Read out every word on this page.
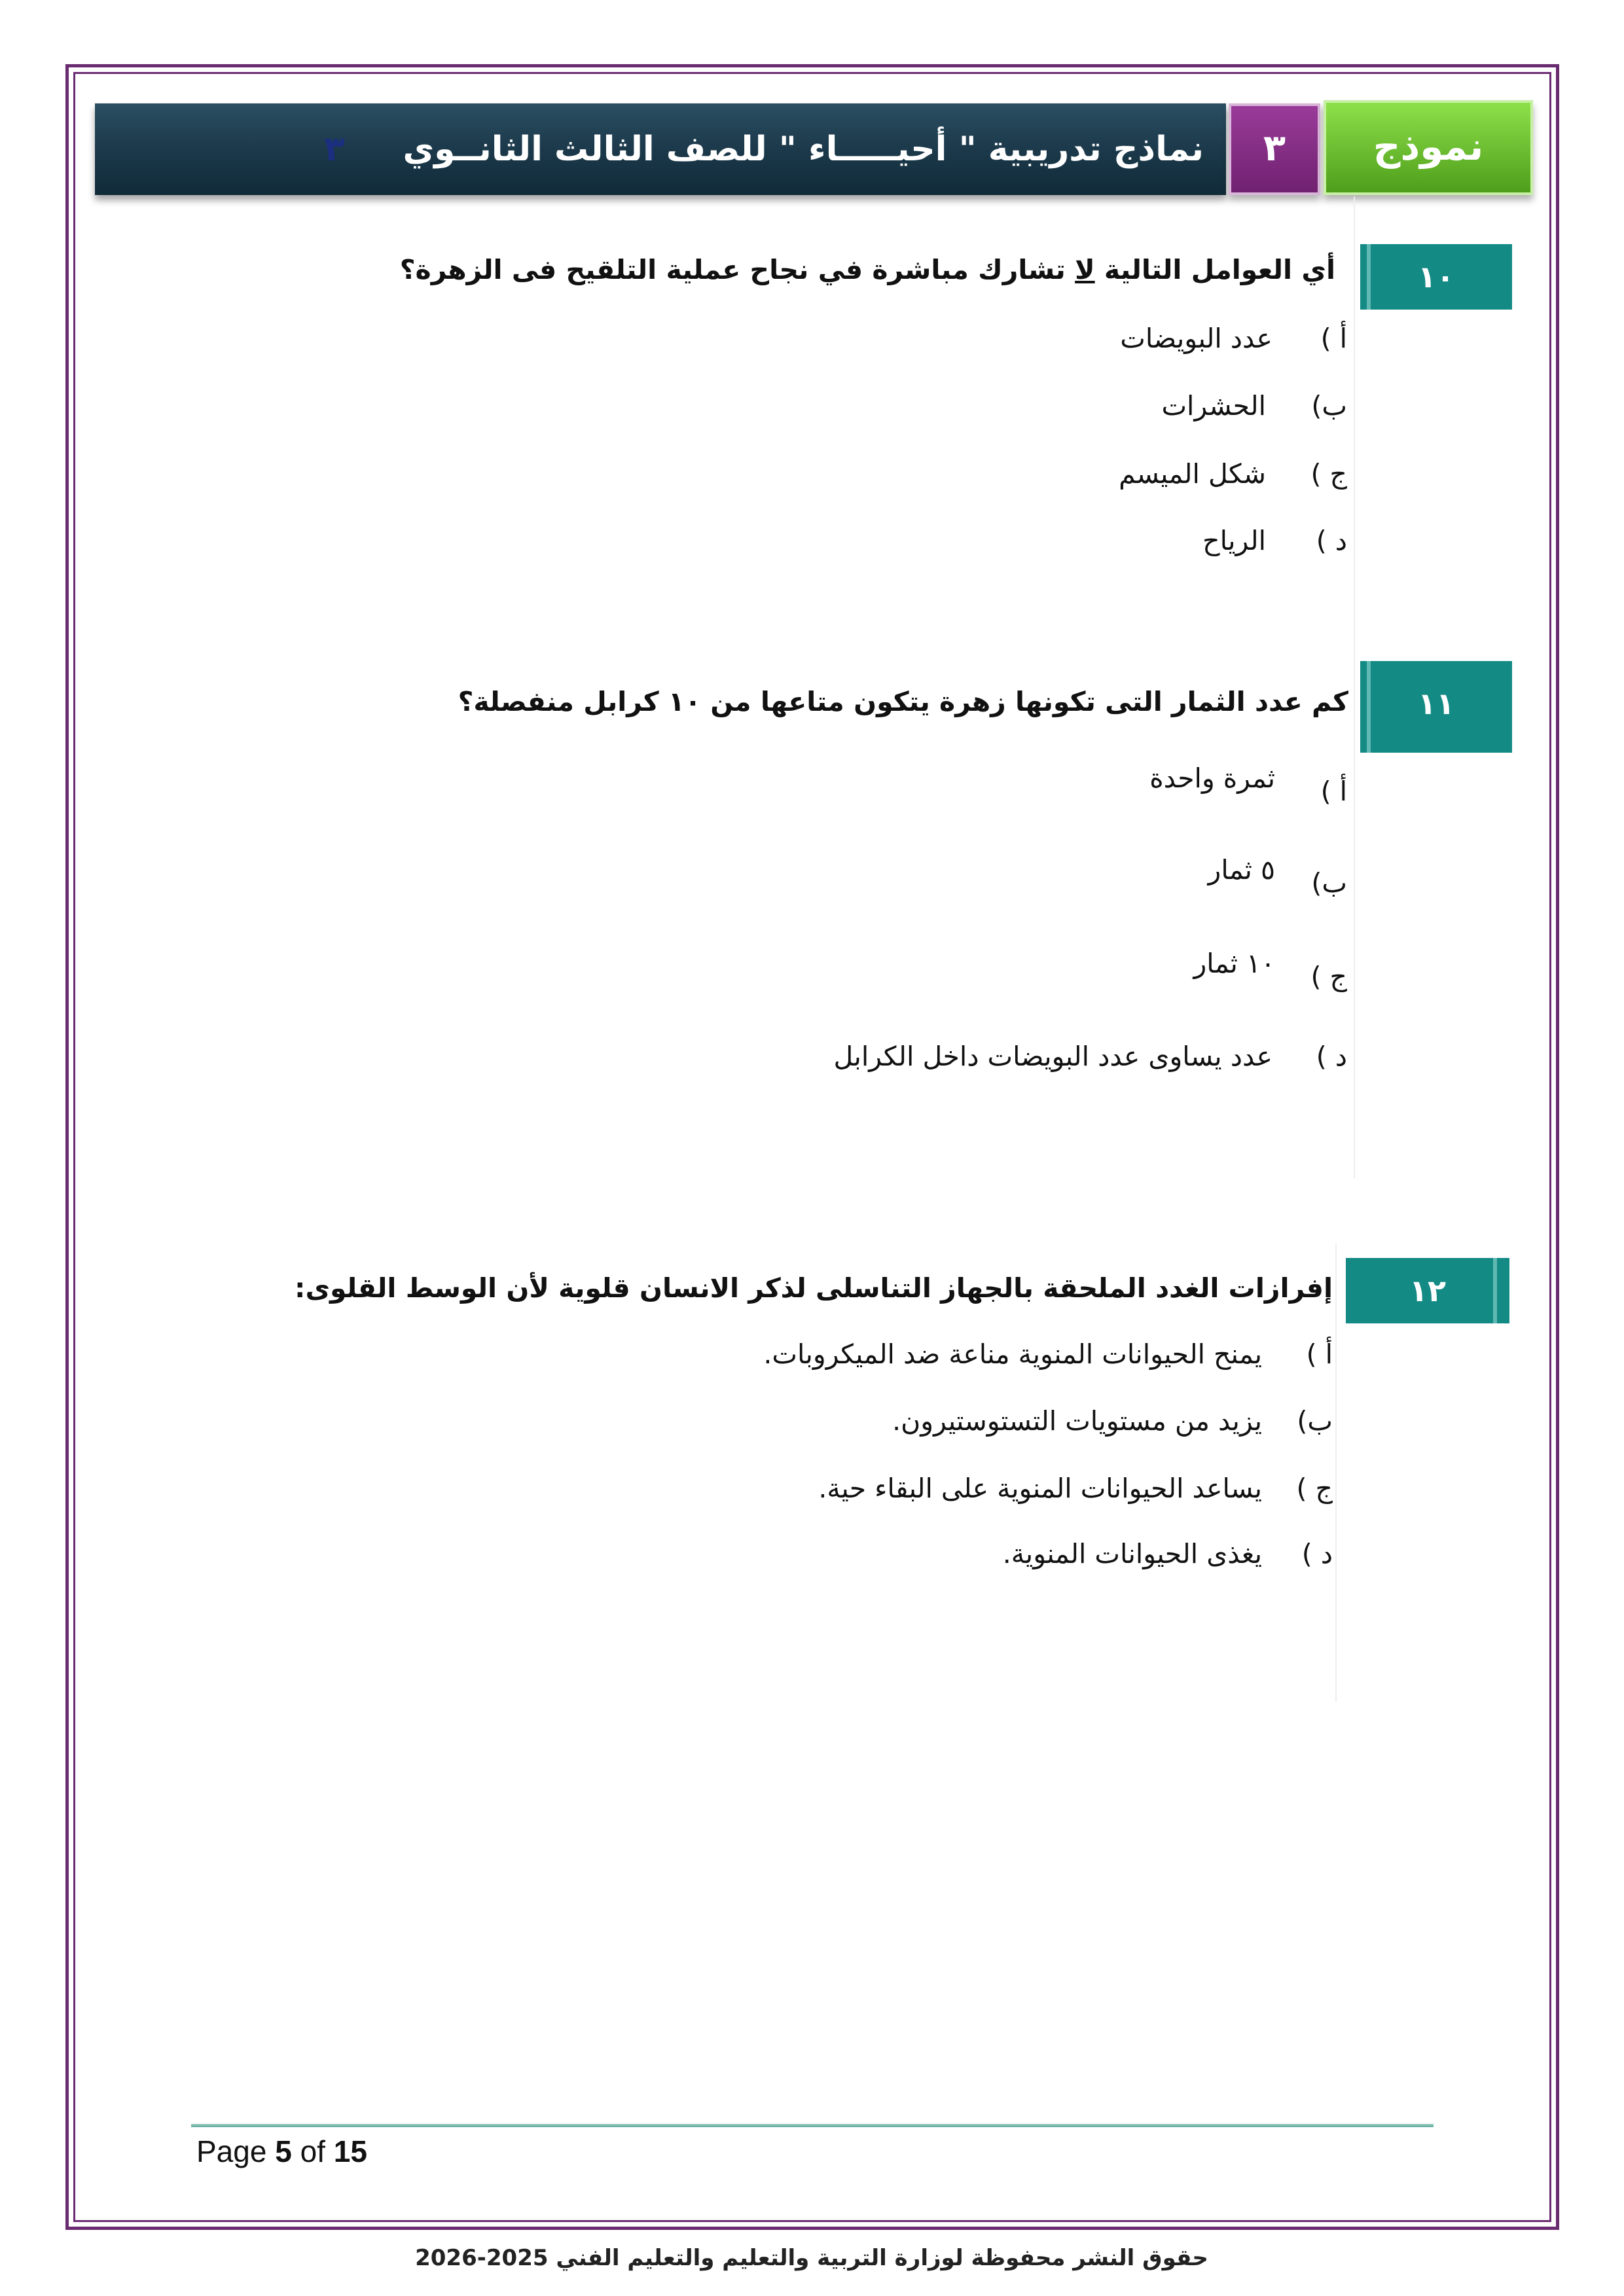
٣ نماذج تدريبية " أحيـــــاء " للصف الثالث الثانــوي	٣	نموذج
١٠
أي العوامل التالية لا تشارك مباشرة في نجاح عملية التلقيح فى الزهرة؟
أ )
عدد البويضات
ب)
الحشرات
ج )
شكل الميسم
د )
الرياح
١١
كم عدد الثمار التى تكونها زهرة يتكون متاعها من ١٠ كرابل منفصلة؟
أ )
ثمرة واحدة
ب)
٥ ثمار
ج )
١٠ ثمار
د )
عدد يساوى عدد البويضات داخل الكرابل
١٢
إفرازات الغدد الملحقة بالجهاز التناسلى لذكر الانسان قلوية لأن الوسط القلوى:
أ )
يمنح الحيوانات المنوية مناعة ضد الميكروبات.
ب)
يزيد من مستويات التستوستيرون.
ج )
يساعد الحيوانات المنوية على البقاء حية.
د )
يغذى الحيوانات المنوية.
Page 5 of 15
حقوق النشر محفوظة لوزارة التربية والتعليم والتعليم الفني 2025-2026
